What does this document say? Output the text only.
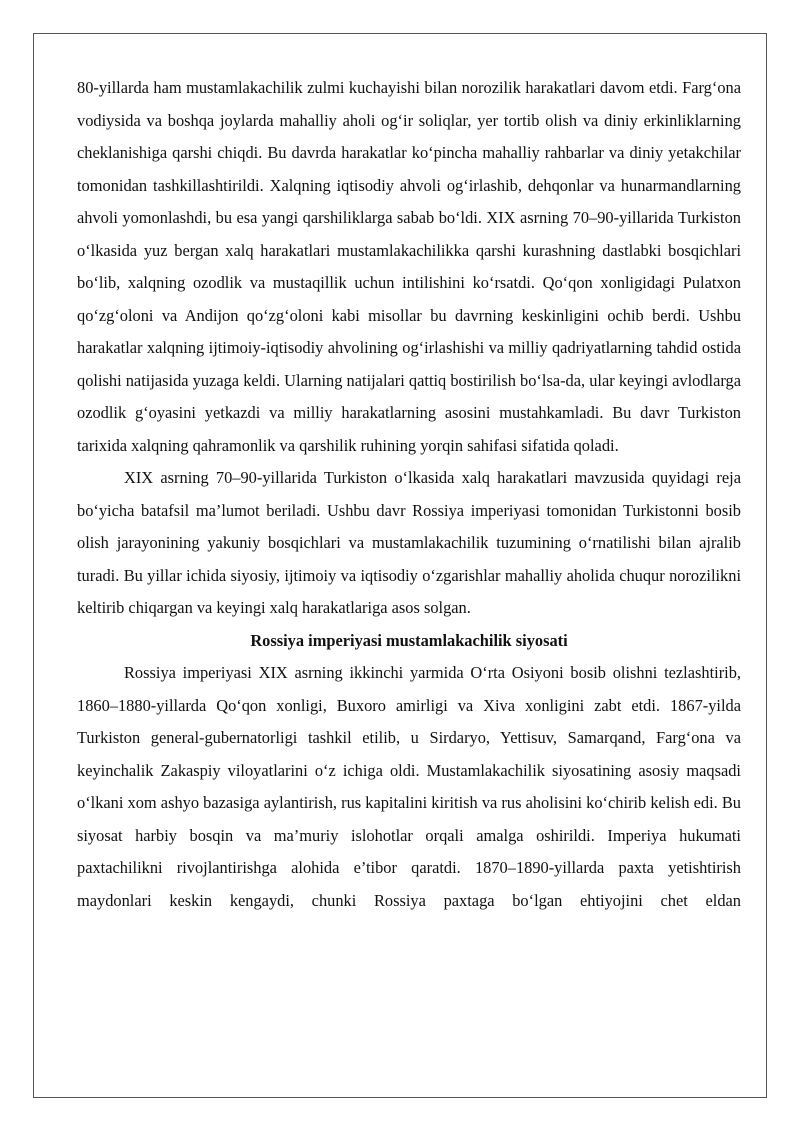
80-yillarda ham mustamlakachilik zulmi kuchayishi bilan norozilik harakatlari davom etdi. Farg‘ona vodiysida va boshqa joylarda mahalliy aholi og‘ir soliqlar, yer tortib olish va diniy erkinliklarning cheklanishiga qarshi chiqdi. Bu davrda harakatlar ko‘pincha mahalliy rahbarlar va diniy yetakchilar tomonidan tashkillashtirildi. Xalqning iqtisodiy ahvoli og‘irlashib, dehqonlar va hunarmandlarning ahvoli yomonlashdi, bu esa yangi qarshiliklarga sabab bo‘ldi. XIX asrning 70–90-yillarida Turkiston o‘lkasida yuz bergan xalq harakatlari mustamlakachilikka qarshi kurashning dastlabki bosqichlari bo‘lib, xalqning ozodlik va mustaqillik uchun intilishini ko‘rsatdi. Qo‘qon xonligidagi Pulatxon qo‘zg‘oloni va Andijon qo‘zg‘oloni kabi misollar bu davrning keskinligini ochib berdi. Ushbu harakatlar xalqning ijtimoiy-iqtisodiy ahvolining og‘irlashishi va milliy qadriyatlarning tahdid ostida qolishi natijasida yuzaga keldi. Ularning natijalari qattiq bostirilish bo‘lsa-da, ular keyingi avlodlarga ozodlik g‘oyasini yetkazdi va milliy harakatlarning asosini mustahkamladi. Bu davr Turkiston tarixida xalqning qahramonlik va qarshilik ruhining yorqin sahifasi sifatida qoladi.

XIX asrning 70–90-yillarida Turkiston o‘lkasida xalq harakatlari mavzusida quyidagi reja bo‘yicha batafsil ma’lumot beriladi. Ushbu davr Rossiya imperiyasi tomonidan Turkistonni bosib olish jarayonining yakuniy bosqichlari va mustamlakachilik tuzumining o‘rnatilishi bilan ajralib turadi. Bu yillar ichida siyosiy, ijtimoiy va iqtisodiy o‘zgarishlar mahalliy aholida chuqur norozilikni keltirib chiqargan va keyingi xalq harakatlariga asos solgan.

Rossiya imperiyasi mustamlakachilik siyosati

Rossiya imperiyasi XIX asrning ikkinchi yarmida O‘rta Osiyoni bosib olishni tezlashtirib, 1860–1880-yillarda Qo‘qon xonligi, Buxoro amirligi va Xiva xonligini zabt etdi. 1867-yilda Turkiston general-gubernatorligi tashkil etilib, u Sirdaryo, Yettisuv, Samarqand, Farg‘ona va keyinchalik Zakaspiy viloyatlarini o‘z ichiga oldi. Mustamlakachilik siyosatining asosiy maqsadi o‘lkani xom ashyo bazasiga aylantirish, rus kapitalini kiritish va rus aholisini ko‘chirib kelish edi. Bu siyosat harbiy bosqin va ma’muriy islohotlar orqali amalga oshirildi. Imperiya hukumati paxtachilikni rivojlantirishga alohida e’tibor qaratdi. 1870–1890-yillarda paxta yetishtirish maydonlari keskin kengaydi, chunki Rossiya paxtaga bo‘lgan ehtiyojini chet eldan
